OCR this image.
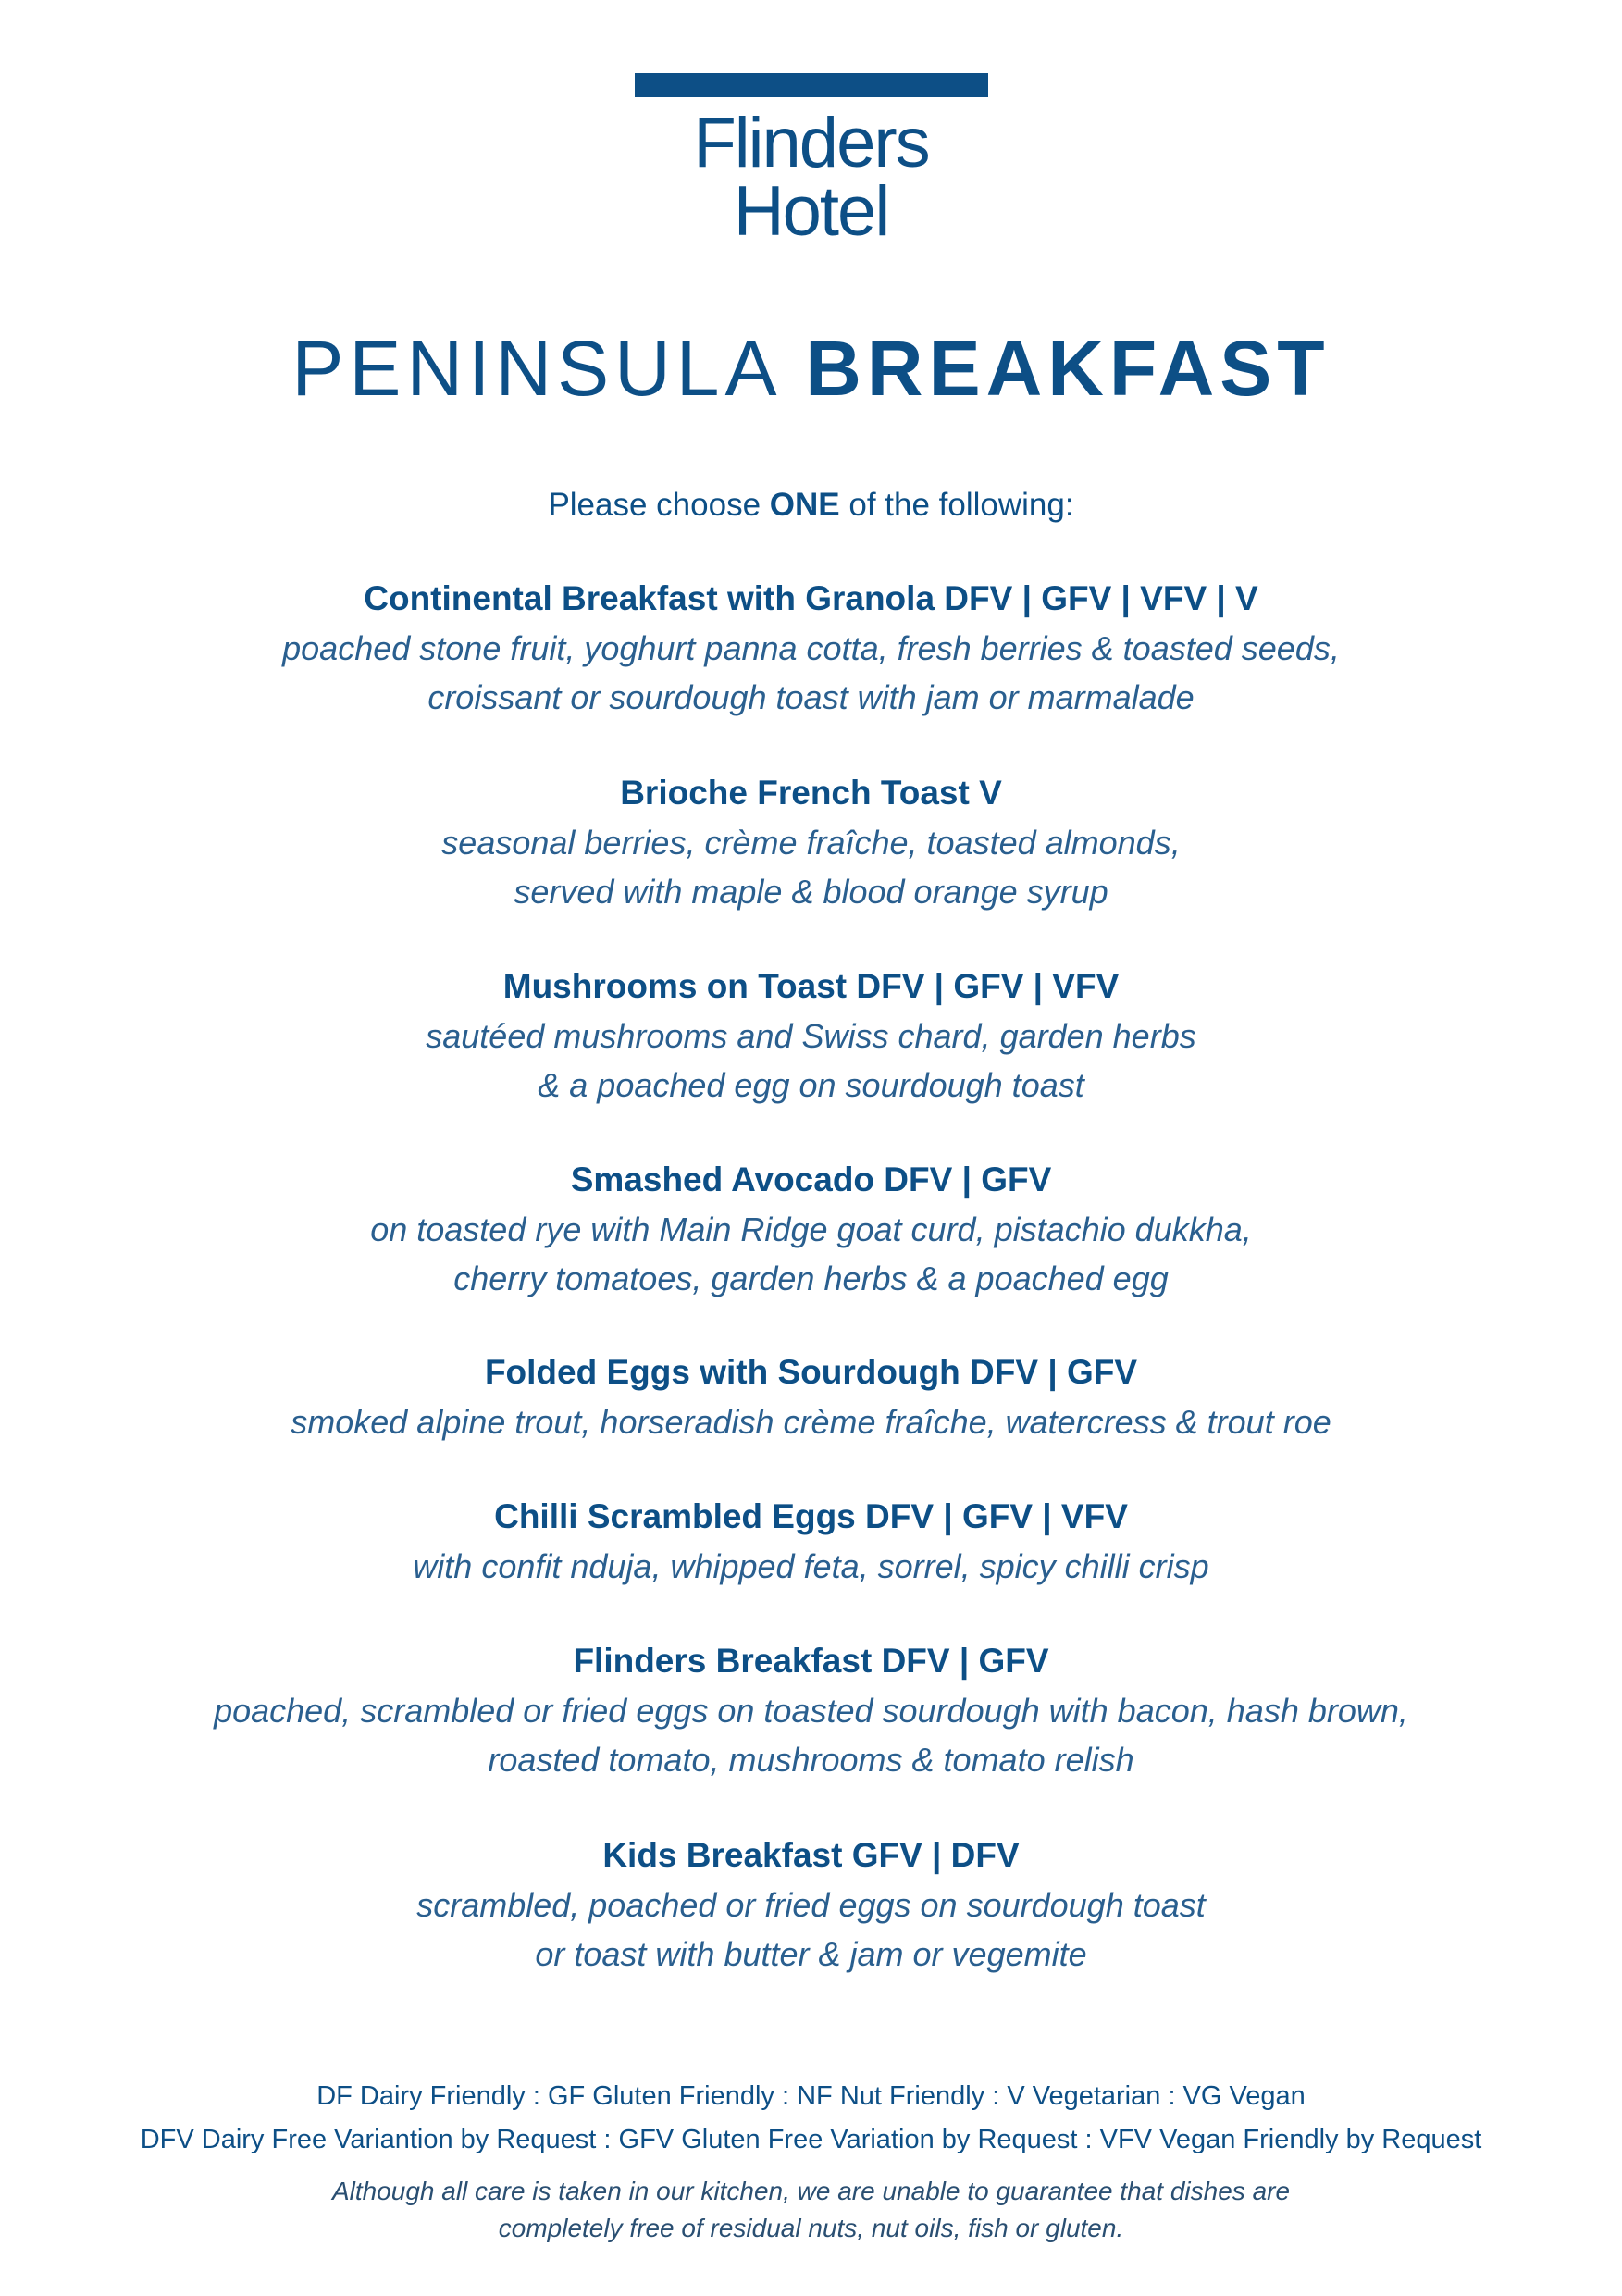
Flinders
Hotel
PENINSULA BREAKFAST
Please choose ONE of the following:
Continental Breakfast with Granola DFV | GFV | VFV | V
poached stone fruit, yoghurt panna cotta, fresh berries & toasted seeds,
croissant or sourdough toast with jam or marmalade
Brioche French Toast V
seasonal berries, crème fraîche, toasted almonds,
served with maple & blood orange syrup
Mushrooms on Toast DFV | GFV | VFV
sautéed mushrooms and Swiss chard, garden herbs
& a poached egg on sourdough toast
Smashed Avocado DFV | GFV
on toasted rye with Main Ridge goat curd, pistachio dukkha,
cherry tomatoes, garden herbs & a poached egg
Folded Eggs with Sourdough DFV | GFV
smoked alpine trout, horseradish crème fraîche, watercress & trout roe
Chilli Scrambled Eggs DFV | GFV | VFV
with confit nduja, whipped feta, sorrel, spicy chilli crisp
Flinders Breakfast DFV | GFV
poached, scrambled or fried eggs on toasted sourdough with bacon, hash brown,
roasted tomato, mushrooms & tomato relish
Kids Breakfast GFV | DFV
scrambled, poached or fried eggs on sourdough toast
or toast with butter & jam or vegemite
DF Dairy Friendly : GF Gluten Friendly : NF Nut Friendly : V Vegetarian : VG Vegan
DFV Dairy Free Variantion by Request : GFV Gluten Free Variation by Request : VFV Vegan Friendly by Request
Although all care is taken in our kitchen, we are unable to guarantee that dishes are
completely free of residual nuts, nut oils, fish or gluten.
